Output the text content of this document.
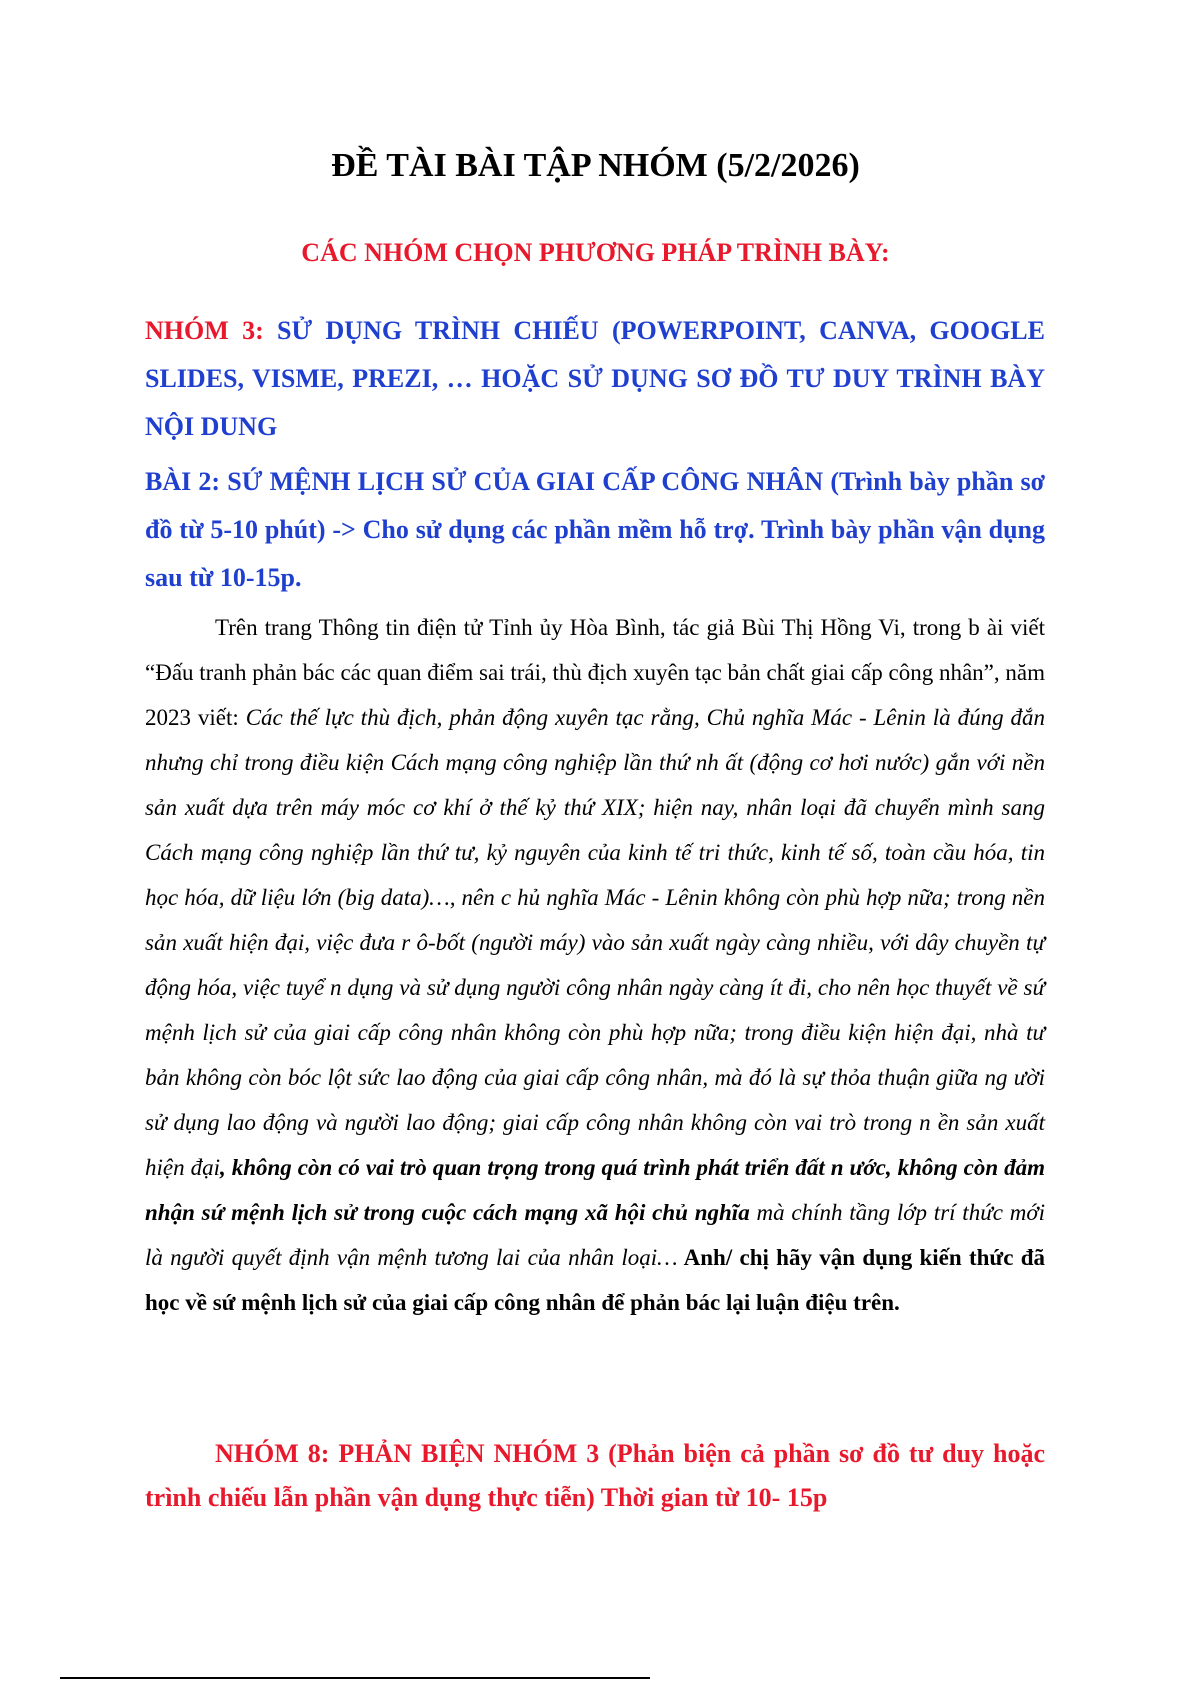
ĐỀ TÀI BÀI TẬP NHÓM (5/2/2026)
CÁC NHÓM CHỌN PHƯƠNG PHÁP TRÌNH BÀY:
NHÓM 3: SỬ DỤNG TRÌNH CHIẾU (POWERPOINT, CANVA, GOOGLE SLIDES, VISME, PREZI, … HOẶC SỬ DỤNG SƠ ĐỒ TƯ DUY TRÌNH BÀY NỘI DUNG
BÀI 2: SỨ MỆNH LỊCH SỬ CỦA GIAI CẤP CÔNG NHÂN (Trình bày phần sơ đồ từ 5-10 phút) -> Cho sử dụng các phần mềm hỗ trợ. Trình bày phần vận dụng sau từ 10-15p.
Trên trang Thông tin điện tử Tỉnh ủy Hòa Bình, tác giả Bùi Thị Hồng Vi, trong b ài viết “Đấu tranh phản bác các quan điểm sai trái, thù địch xuyên tạc bản chất giai cấp công nhân”, năm 2023 viết: Các thế lực thù địch, phản động xuyên tạc rằng, Chủ nghĩa Mác - Lênin là đúng đắn nhưng chỉ trong điều kiện Cách mạng công nghiệp lần thứ nh ất (động cơ hơi nước) gắn với nền sản xuất dựa trên máy móc cơ khí ở thế kỷ thứ XIX; hiện nay, nhân loại đã chuyển mình sang Cách mạng công nghiệp lần thứ tư, kỷ nguyên của kinh tế tri thức, kinh tế số, toàn cầu hóa, tin học hóa, dữ liệu lớn (big data)…, nên c hủ nghĩa Mác - Lênin không còn phù hợp nữa; trong nền sản xuất hiện đại, việc đưa r ô-bốt (người máy) vào sản xuất ngày càng nhiều, với dây chuyền tự động hóa, việc tuyể n dụng và sử dụng người công nhân ngày càng ít đi, cho nên học thuyết về sứ mệnh lịch sử của giai cấp công nhân không còn phù hợp nữa; trong điều kiện hiện đại, nhà tư bản không còn bóc lột sức lao động của giai cấp công nhân, mà đó là sự thỏa thuận giữa ng ười sử dụng lao động và người lao động; giai cấp công nhân không còn vai trò trong n ền sản xuất hiện đại, không còn có vai trò quan trọng trong quá trình phát triển đất n ước, không còn đảm nhận sứ mệnh lịch sử trong cuộc cách mạng xã hội chủ nghĩa mà chính tầng lớp trí thức mới là người quyết định vận mệnh tương lai của nhân loại… Anh/ chị hãy vận dụng kiến thức đã học về sứ mệnh lịch sử của giai cấp công nhân để phản bác lại luận điệu trên.
NHÓM 8: PHẢN BIỆN NHÓM 3 (Phản biện cả phần sơ đồ tư duy hoặc trình chiếu lẫn phần vận dụng thực tiễn) Thời gian từ 10- 15p
